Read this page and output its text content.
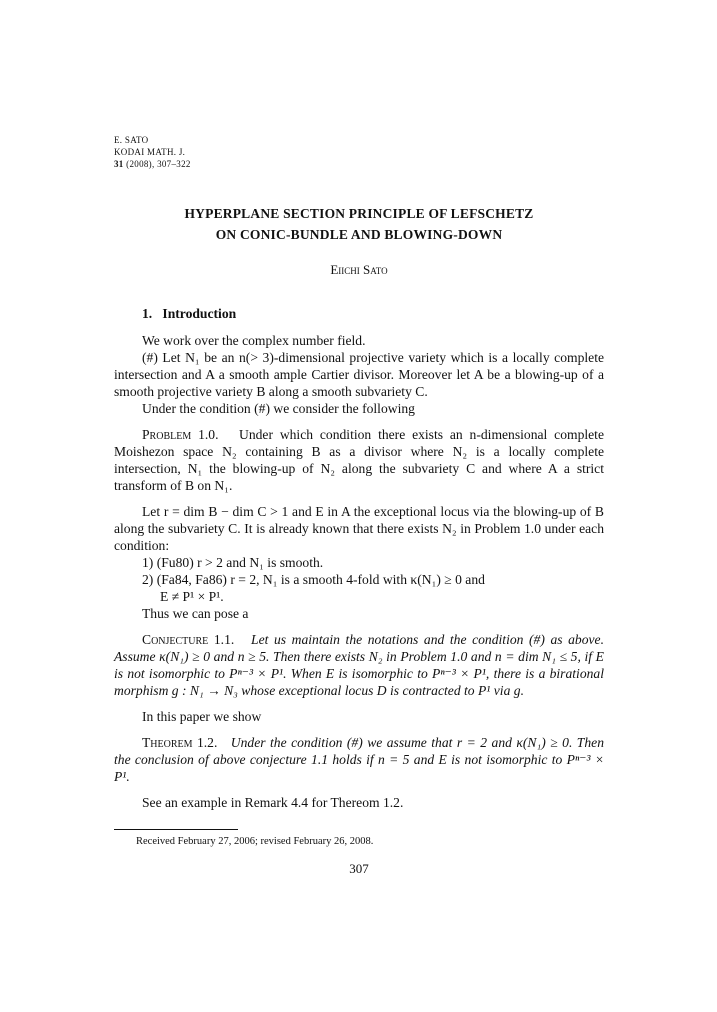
E. SATO
KODAI MATH. J.
31 (2008), 307–322
HYPERPLANE SECTION PRINCIPLE OF LEFSCHETZ
ON CONIC-BUNDLE AND BLOWING-DOWN
Eiichi Sato

1. Introduction

We work over the complex number field.

(#) Let N₁ be an n(> 3)-dimensional projective variety which is a locally complete intersection and A a smooth ample Cartier divisor. Moreover let A be a blowing-up of a smooth projective variety B along a smooth subvariety C.

Under the condition (#) we consider the following

Problem 1.0. Under which condition there exists an n-dimensional complete Moishezon space N₂ containing B as a divisor where N₂ is a locally complete intersection, N₁ the blowing-up of N₂ along the subvariety C and where A a strict transform of B on N₁.

Let r = dim B − dim C > 1 and E in A the exceptional locus via the blowing-up of B along the subvariety C. It is already known that there exists N₂ in Problem 1.0 under each condition:

1) (Fu80) r > 2 and N₁ is smooth.

2) (Fa84, Fa86) r = 2, N₁ is a smooth 4-fold with κ(N₁) ≥ 0 and

E ≠ P¹ × P¹.

Thus we can pose a

Conjecture 1.1. Let us maintain the notations and the condition (#) as above. Assume κ(N₁) ≥ 0 and n ≥ 5. Then there exists N₂ in Problem 1.0 and n = dim N₁ ≤ 5, if E is not isomorphic to Pⁿ⁻³ × P¹. When E is isomorphic to Pⁿ⁻³ × P¹, there is a birational morphism g : N₁ → N₃ whose exceptional locus D is contracted to P¹ via g.

In this paper we show

Theorem 1.2. Under the condition (#) we assume that r = 2 and κ(N₁) ≥ 0. Then the conclusion of above conjecture 1.1 holds if n = 5 and E is not isomorphic to Pⁿ⁻³ × P¹.

See an example in Remark 4.4 for Thereom 1.2.

Received February 27, 2006; revised February 26, 2008.
307
